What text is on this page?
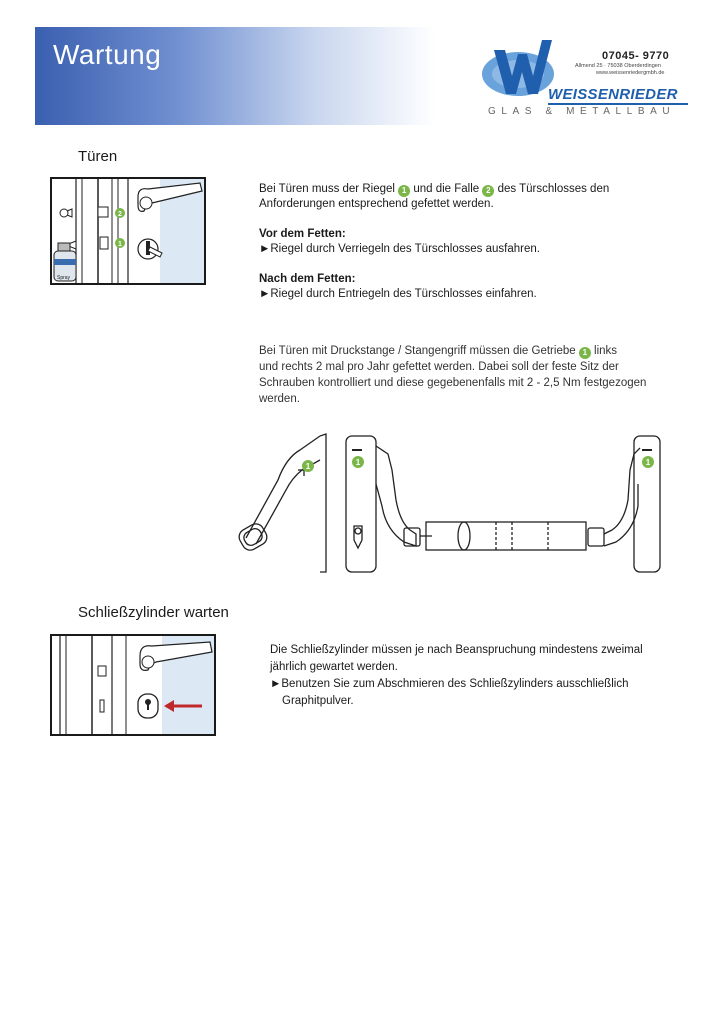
Wartung	07045- 9770
Allmend 25 · 75038 Oberderdingen
www.weissenriedergmbh.de
WEISSENRIEDER
GLAS & METALLBAU
Türen
Spray
2
1

Bei Türen muss der Riegel 1 und die Falle 2 des Türschlosses den

Anforderungen entsprechend gefettet werden.

Vor dem Fetten:

►Riegel durch Verriegeln des Türschlosses ausfahren.

Nach dem Fetten:

►Riegel durch Entriegeln des Türschlosses einfahren.

Bei Türen mit Druckstange / Stangengriff müssen die Getriebe 1 links

und rechts 2 mal pro Jahr gefettet werden. Dabei soll der feste Sitz der

Schrauben kontrolliert und diese gegebenenfalls mit 2 - 2,5 Nm festgezogen

werden.

1	1	1
Schließzylinder warten

Die Schließzylinder müssen je nach Beanspruchung mindestens zweimal

jährlich gewartet werden.

►Benutzen Sie zum Abschmieren des Schließzylinders ausschließlich

Graphitpulver.
